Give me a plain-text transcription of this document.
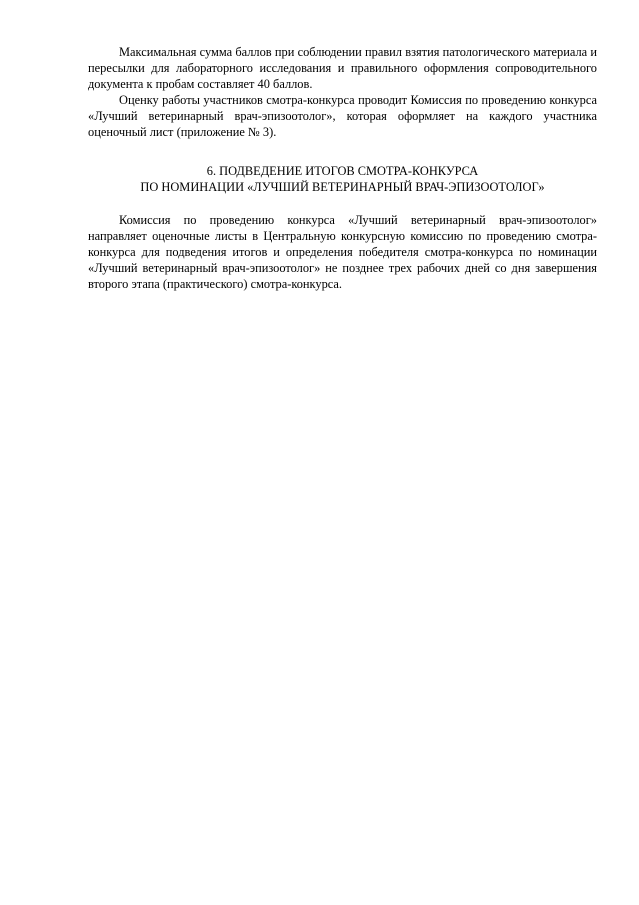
Максимальная сумма баллов при соблюдении правил взятия патологического материала и пересылки для лабораторного исследования и правильного оформления сопроводительного документа к пробам составляет 40 баллов.

Оценку работы участников смотра-конкурса проводит Комиссия по проведению конкурса «Лучший ветеринарный врач-эпизоотолог», которая оформляет на каждого участника оценочный лист (приложение № 3).

6. ПОДВЕДЕНИЕ ИТОГОВ СМОТРА-КОНКУРСА
ПО НОМИНАЦИИ «ЛУЧШИЙ ВЕТЕРИНАРНЫЙ ВРАЧ-ЭПИЗООТОЛОГ»

Комиссия по проведению конкурса «Лучший ветеринарный врач-эпизоотолог» направляет оценочные листы в Центральную конкурсную комиссию по проведению смотра-конкурса для подведения итогов и определения победителя смотра-конкурса по номинации «Лучший ветеринарный врач-эпизоотолог» не позднее трех рабочих дней со дня завершения второго этапа (практического) смотра-конкурса.
